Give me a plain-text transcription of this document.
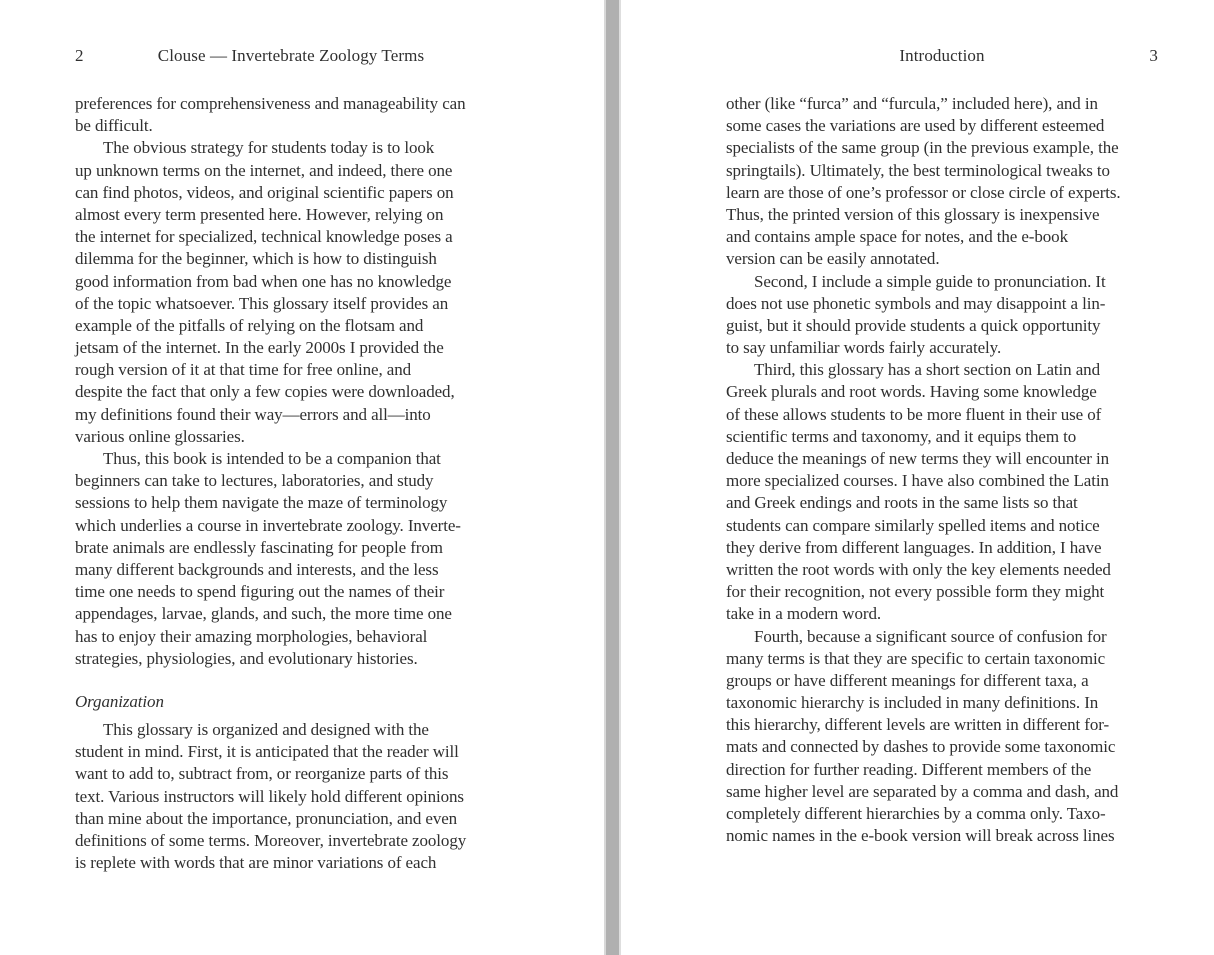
2	Clouse — Invertebrate Zoology Terms
preferences for comprehensiveness and manageability can
be difficult.
The obvious strategy for students today is to look
up unknown terms on the internet, and indeed, there one
can find photos, videos, and original scientific papers on
almost every term presented here. However, relying on
the internet for specialized, technical knowledge poses a
dilemma for the beginner, which is how to distinguish
good information from bad when one has no knowledge
of the topic whatsoever. This glossary itself provides an
example of the pitfalls of relying on the flotsam and
jetsam of the internet. In the early 2000s I provided the
rough version of it at that time for free online, and
despite the fact that only a few copies were downloaded,
my definitions found their way—errors and all—into
various online glossaries.
Thus, this book is intended to be a companion that
beginners can take to lectures, laboratories, and study
sessions to help them navigate the maze of terminology
which underlies a course in invertebrate zoology. Inverte-
brate animals are endlessly fascinating for people from
many different backgrounds and interests, and the less
time one needs to spend figuring out the names of their
appendages, larvae, glands, and such, the more time one
has to enjoy their amazing morphologies, behavioral
strategies, physiologies, and evolutionary histories.
Organization
This glossary is organized and designed with the
student in mind. First, it is anticipated that the reader will
want to add to, subtract from, or reorganize parts of this
text. Various instructors will likely hold different opinions
than mine about the importance, pronunciation, and even
definitions of some terms. Moreover, invertebrate zoology
is replete with words that are minor variations of each
Introduction	3
other (like “furca” and “furcula,” included here), and in
some cases the variations are used by different esteemed
specialists of the same group (in the previous example, the
springtails). Ultimately, the best terminological tweaks to
learn are those of one’s professor or close circle of experts.
Thus, the printed version of this glossary is inexpensive
and contains ample space for notes, and the e-book
version can be easily annotated.
Second, I include a simple guide to pronunciation. It
does not use phonetic symbols and may disappoint a lin-
guist, but it should provide students a quick opportunity
to say unfamiliar words fairly accurately.
Third, this glossary has a short section on Latin and
Greek plurals and root words. Having some knowledge
of these allows students to be more fluent in their use of
scientific terms and taxonomy, and it equips them to
deduce the meanings of new terms they will encounter in
more specialized courses. I have also combined the Latin
and Greek endings and roots in the same lists so that
students can compare similarly spelled items and notice
they derive from different languages. In addition, I have
written the root words with only the key elements needed
for their recognition, not every possible form they might
take in a modern word.
Fourth, because a significant source of confusion for
many terms is that they are specific to certain taxonomic
groups or have different meanings for different taxa, a
taxonomic hierarchy is included in many definitions. In
this hierarchy, different levels are written in different for-
mats and connected by dashes to provide some taxonomic
direction for further reading. Different members of the
same higher level are separated by a comma and dash, and
completely different hierarchies by a comma only. Taxo-
nomic names in the e-book version will break across lines
